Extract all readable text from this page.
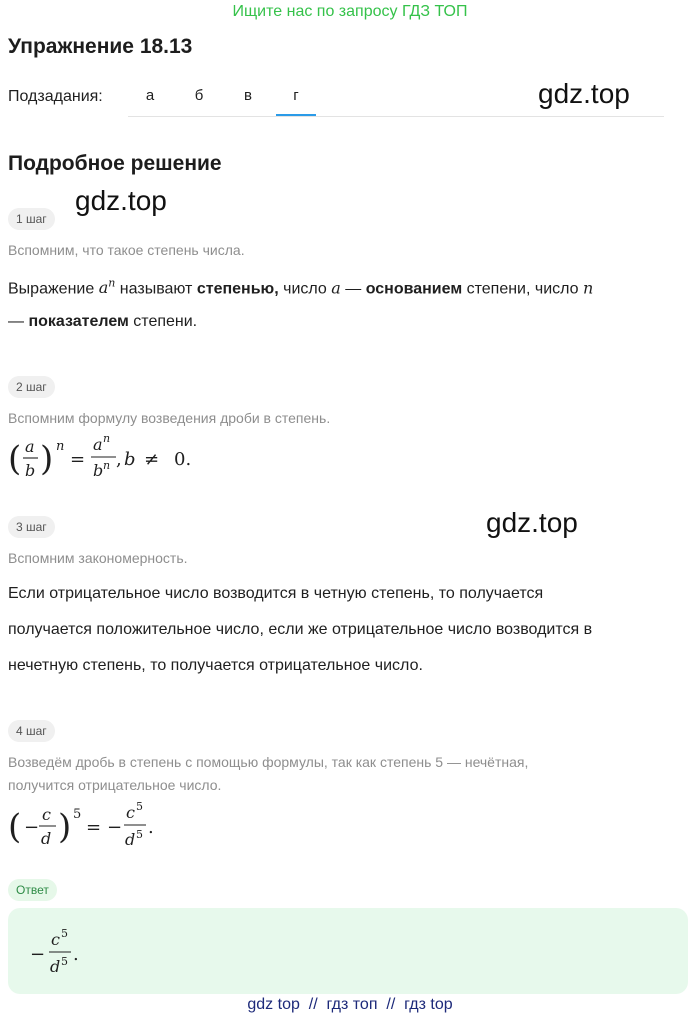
Ищите нас по запросу ГДЗ ТОП
Упражнение 18.13
Подзадания:	а	б	в	г	gdz.top
gdz.top
gdz.top
Подробное решение
1 шаг
Вспомним, что такое степень числа.
Выражение $a^n$ называют степенью, число a — основанием степени, число n
— показателем степени.
2 шаг
Вспомним формулу возведения дроби в степень.
( a
b ) n
=
a n
b n , b ≠ 0.
3 шаг
Вспомним закономерность.
Если отрицательное число возводится в четную степень, то получается
получается положительное число, если же отрицательное число возводится в
нечетную степень, то получается отрицательное число.
4 шаг
Возведём дробь в степень с помощью формулы, так как степень 5 — нечётная,
получится отрицательное число.
( −
c
d ) 5
= −
c 5
d 5 .
Ответ
−
c 5
d 5 .
gdz top  //  гдз топ  //  гдз top
